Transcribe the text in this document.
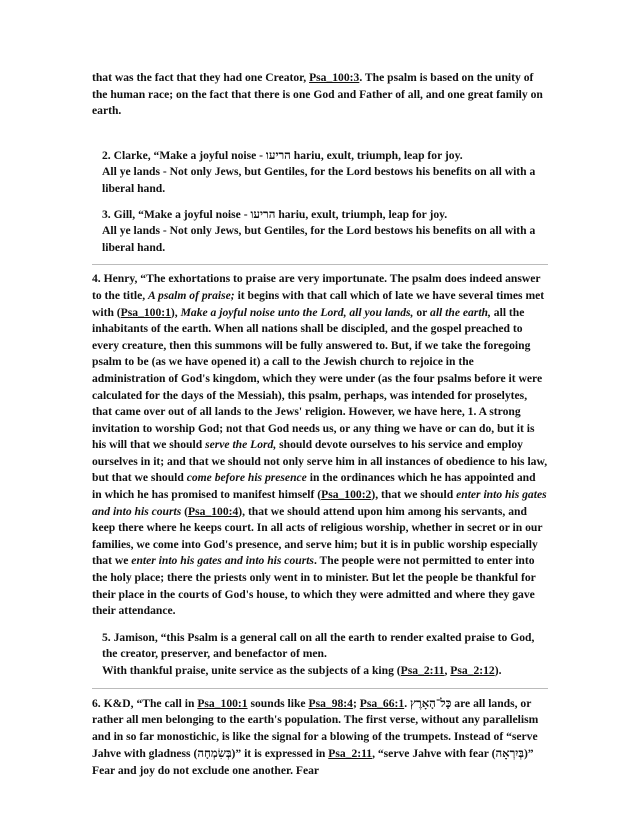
that was the fact that they had one Creator, Psa_100:3. The psalm is based on the unity of the human race; on the fact that there is one God and Father of all, and one great family on earth.

2. Clarke, “Make a joyful noise - הריעו hariu, exult, triumph, leap for joy.

All ye lands - Not only Jews, but Gentiles, for the Lord bestows his benefits on all with a liberal hand.

3. Gill, “Make a joyful noise - הריעו hariu, exult, triumph, leap for joy.

All ye lands - Not only Jews, but Gentiles, for the Lord bestows his benefits on all with a liberal hand.

4. Henry, “The exhortations to praise are very importunate. The psalm does indeed answer to the title, A psalm of praise; it begins with that call which of late we have several times met with (Psa_100:1), Make a joyful noise unto the Lord, all you lands, or all the earth, all the inhabitants of the earth. When all nations shall be discipled, and the gospel preached to every creature, then this summons will be fully answered to. But, if we take the foregoing psalm to be (as we have opened it) a call to the Jewish church to rejoice in the administration of God's kingdom, which they were under (as the four psalms before it were calculated for the days of the Messiah), this psalm, perhaps, was intended for proselytes, that came over out of all lands to the Jews' religion. However, we have here, 1. A strong invitation to worship God; not that God needs us, or any thing we have or can do, but it is his will that we should serve the Lord, should devote ourselves to his service and employ ourselves in it; and that we should not only serve him in all instances of obedience to his law, but that we should come before his presence in the ordinances which he has appointed and in which he has promised to manifest himself (Psa_100:2), that we should enter into his gates and into his courts (Psa_100:4), that we should attend upon him among his servants, and keep there where he keeps court. In all acts of religious worship, whether in secret or in our families, we come into God's presence, and serve him; but it is in public worship especially that we enter into his gates and into his courts. The people were not permitted to enter into the holy place; there the priests only went in to minister. But let the people be thankful for their place in the courts of God's house, to which they were admitted and where they gave their attendance.

5. Jamison, “this Psalm is a general call on all the earth to render exalted praise to God, the creator, preserver, and benefactor of men.

With thankful praise, unite service as the subjects of a king (Psa_2:11, Psa_2:12).

6. K&D, “The call in Psa_100:1 sounds like Psa_98:4; Psa_66:1. כָּל־הָאָרֶץ are all lands, or rather all men belonging to the earth's population. The first verse, without any parallelism and in so far monostichic, is like the signal for a blowing of the trumpets. Instead of “serve Jahve with gladness (בְּשִׂמְחָה)” it is expressed in Psa_2:11, “serve Jahve with fear (בְּיִרְאָה)” Fear and joy do not exclude one another. Fear
